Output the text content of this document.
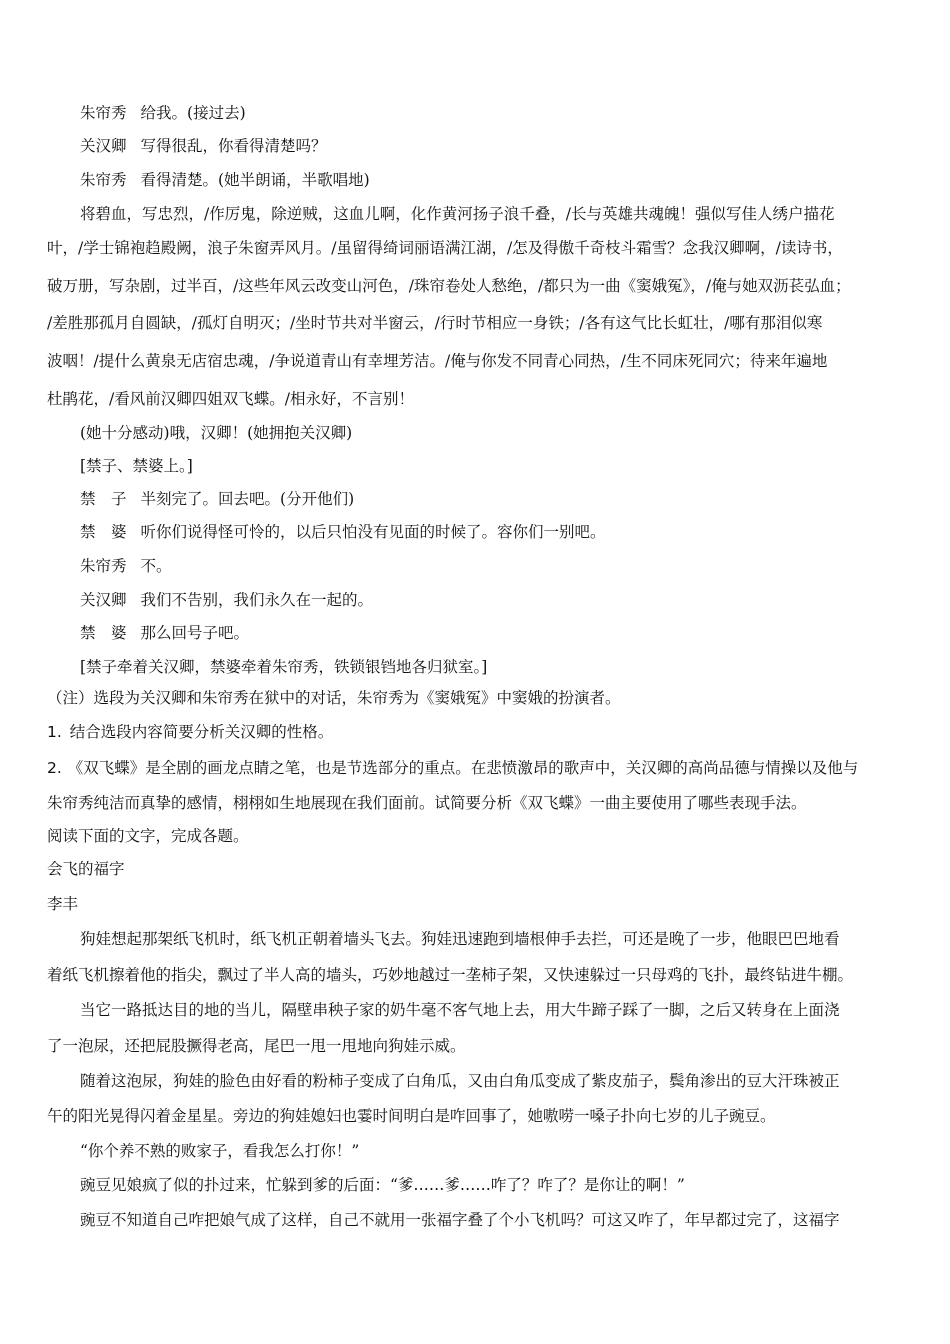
朱帘秀 给我。(接过去)
关汉卿 写得很乱，你看得清楚吗？
朱帘秀 看得清楚。(她半朗诵，半歌唱地)
将碧血，写忠烈，/作厉鬼，除逆贼，这血儿啊，化作黄河扬子浪千叠，/长与英雄共魂魄！强似写佳人绣户描花
叶，/学士锦袍趋殿阙，浪子朱窗弄风月。/虽留得绮词丽语满江湖，/怎及得傲千奇枝斗霜雪？念我汉卿啊，/读诗书，
破万册，写杂剧，过半百，/这些年风云改变山河色，/珠帘卷处人愁绝，/都只为一曲《窦娥冤》，/俺与她双沥苌弘血；
/差胜那孤月自圆缺，/孤灯自明灭；/坐时节共对半窗云，/行时节相应一身铁；/各有这气比长虹壮，/哪有那泪似寒
波咽！/提什么黄泉无店宿忠魂，/争说道青山有幸埋芳洁。/俺与你发不同青心同热，/生不同床死同穴；待来年遍地
杜鹃花，/看风前汉卿四姐双飞蝶。/相永好，不言别！
(她十分感动)哦，汉卿！(她拥抱关汉卿)
[禁子、禁婆上。]
禁　子 半刻完了。回去吧。(分开他们)
禁　婆 听你们说得怪可怜的，以后只怕没有见面的时候了。容你们一别吧。
朱帘秀 不。
关汉卿 我们不告别，我们永久在一起的。
禁　婆 那么回号子吧。
[禁子牵着关汉卿，禁婆牵着朱帘秀，铁锁银铛地各归狱室。]
（注）选段为关汉卿和朱帘秀在狱中的对话，朱帘秀为《窦娥冤》中窦娥的扮演者。
1. 结合选段内容简要分析关汉卿的性格。
2. 《双飞蝶》是全剧的画龙点睛之笔，也是节选部分的重点。在悲愤激昂的歌声中，关汉卿的高尚品德与情操以及他与
朱帘秀纯洁而真挚的感情，栩栩如生地展现在我们面前。试简要分析《双飞蝶》一曲主要使用了哪些表现手法。
阅读下面的文字，完成各题。
会飞的福字
李丰
狗娃想起那架纸飞机时，纸飞机正朝着墙头飞去。狗娃迅速跑到墙根伸手去拦，可还是晚了一步，他眼巴巴地看
着纸飞机擦着他的指尖，飘过了半人高的墙头，巧妙地越过一垄柿子架，又快速躲过一只母鸡的飞扑，最终钻进牛棚。
当它一路抵达目的地的当儿，隔壁串秧子家的奶牛毫不客气地上去，用大牛蹄子踩了一脚，之后又转身在上面浇
了一泡尿，还把屁股撅得老高，尾巴一甩一甩地向狗娃示威。
随着这泡尿，狗娃的脸色由好看的粉柿子变成了白角瓜，又由白角瓜变成了紫皮茄子，鬓角渗出的豆大汗珠被正
午的阳光晃得闪着金星星。旁边的狗娃媳妇也霎时间明白是咋回事了，她嗷唠一嗓子扑向七岁的儿子豌豆。
“你个养不熟的败家子，看我怎么打你！”
豌豆见娘疯了似的扑过来，忙躲到爹的后面：“爹……爹……咋了？咋了？是你让的啊！”
豌豆不知道自己咋把娘气成了这样，自己不就用一张福字叠了个小飞机吗？可这又咋了，年早都过完了，这福字
